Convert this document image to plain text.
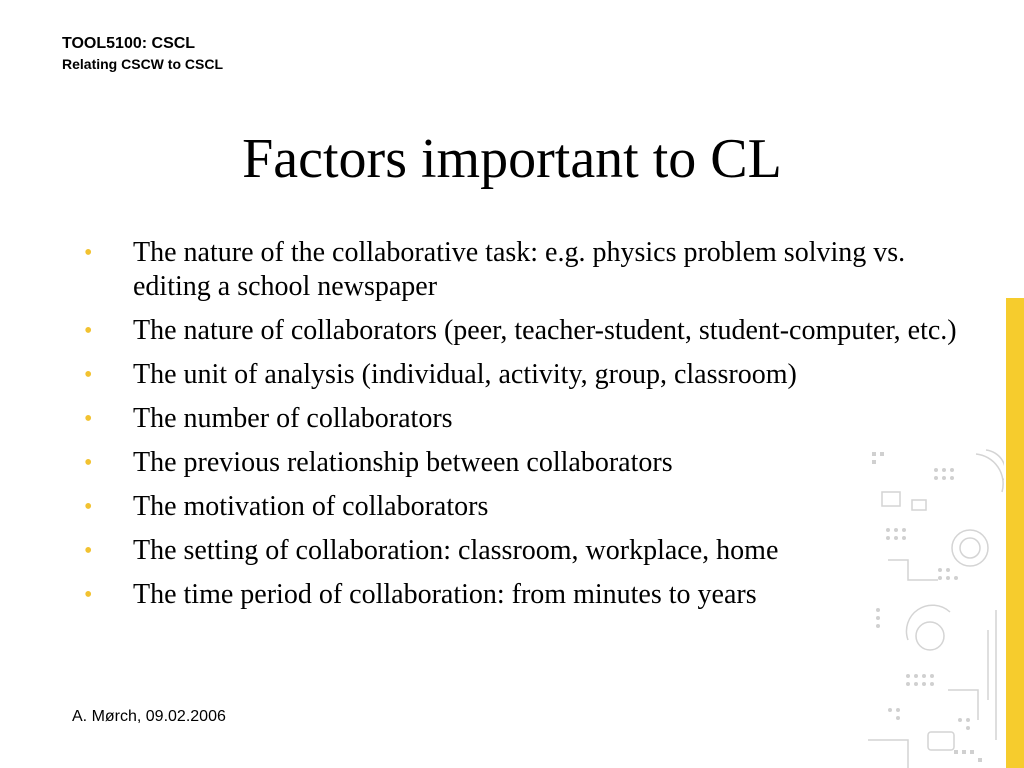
TOOL5100: CSCL
Relating CSCW to CSCL
Factors important to CL
• The nature of the collaborative task: e.g. physics problem solving vs. editing a school newspaper
• The nature of collaborators (peer, teacher-student, student-computer, etc.)
• The unit of analysis (individual, activity, group, classroom)
• The number of collaborators
• The previous relationship between collaborators
• The motivation of collaborators
• The setting of collaboration: classroom, workplace, home
• The time period of collaboration: from minutes to years
A. Mørch, 09.02.2006
